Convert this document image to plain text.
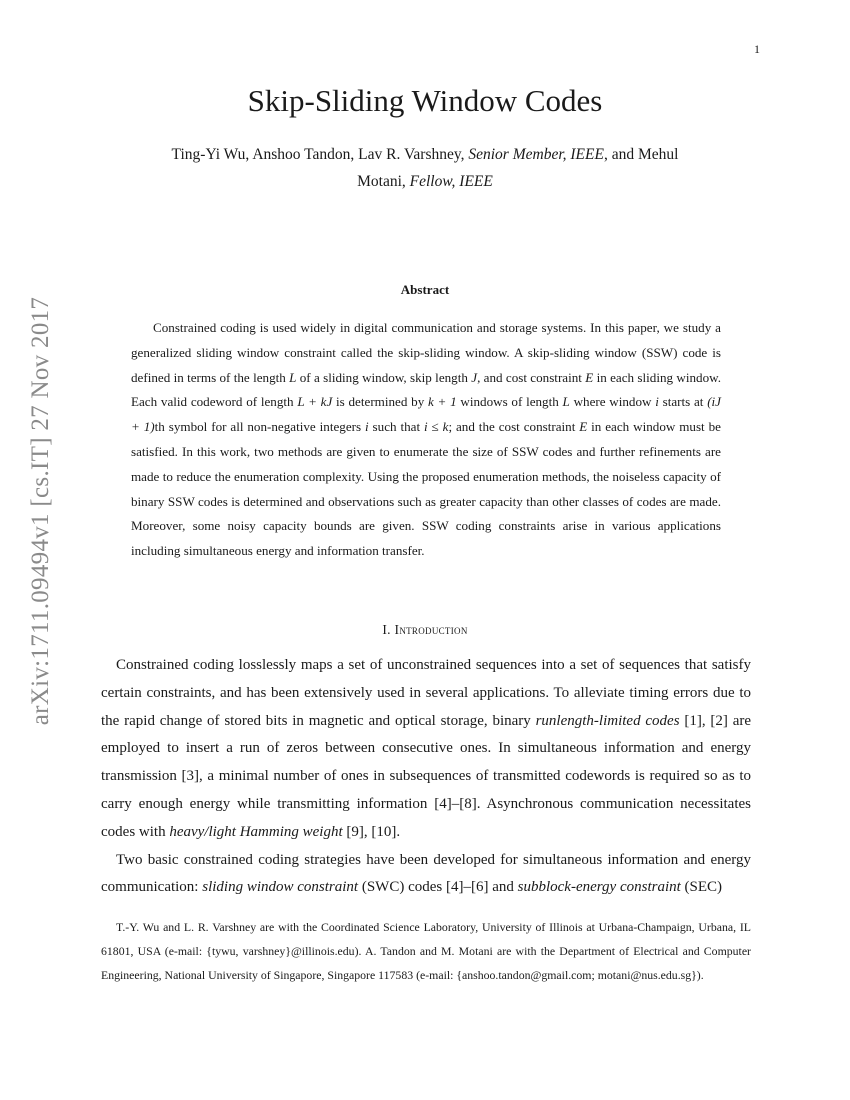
1
arXiv:1711.09494v1 [cs.IT] 27 Nov 2017
Skip-Sliding Window Codes
Ting-Yi Wu, Anshoo Tandon, Lav R. Varshney, Senior Member, IEEE, and Mehul
Motani, Fellow, IEEE
Abstract
Constrained coding is used widely in digital communication and storage systems. In this paper, we study a generalized sliding window constraint called the skip-sliding window. A skip-sliding window (SSW) code is defined in terms of the length L of a sliding window, skip length J, and cost constraint E in each sliding window. Each valid codeword of length L + kJ is determined by k + 1 windows of length L where window i starts at (iJ + 1)th symbol for all non-negative integers i such that i ≤ k; and the cost constraint E in each window must be satisfied. In this work, two methods are given to enumerate the size of SSW codes and further refinements are made to reduce the enumeration complexity. Using the proposed enumeration methods, the noiseless capacity of binary SSW codes is determined and observations such as greater capacity than other classes of codes are made. Moreover, some noisy capacity bounds are given. SSW coding constraints arise in various applications including simultaneous energy and information transfer.
I. Introduction

Constrained coding losslessly maps a set of unconstrained sequences into a set of sequences that satisfy certain constraints, and has been extensively used in several applications. To alleviate timing errors due to the rapid change of stored bits in magnetic and optical storage, binary runlength-limited codes [1], [2] are employed to insert a run of zeros between consecutive ones. In simultaneous information and energy transmission [3], a minimal number of ones in subsequences of transmitted codewords is required so as to carry enough energy while transmitting information [4]–[8]. Asynchronous communication necessitates codes with heavy/light Hamming weight [9], [10].

Two basic constrained coding strategies have been developed for simultaneous information and energy communication: sliding window constraint (SWC) codes [4]–[6] and subblock-energy constraint (SEC)

T.-Y. Wu and L. R. Varshney are with the Coordinated Science Laboratory, University of Illinois at Urbana-Champaign, Urbana, IL 61801, USA (e-mail: {tywu, varshney}@illinois.edu). A. Tandon and M. Motani are with the Department of Electrical and Computer Engineering, National University of Singapore, Singapore 117583 (e-mail: {anshoo.tandon@gmail.com; motani@nus.edu.sg}).
